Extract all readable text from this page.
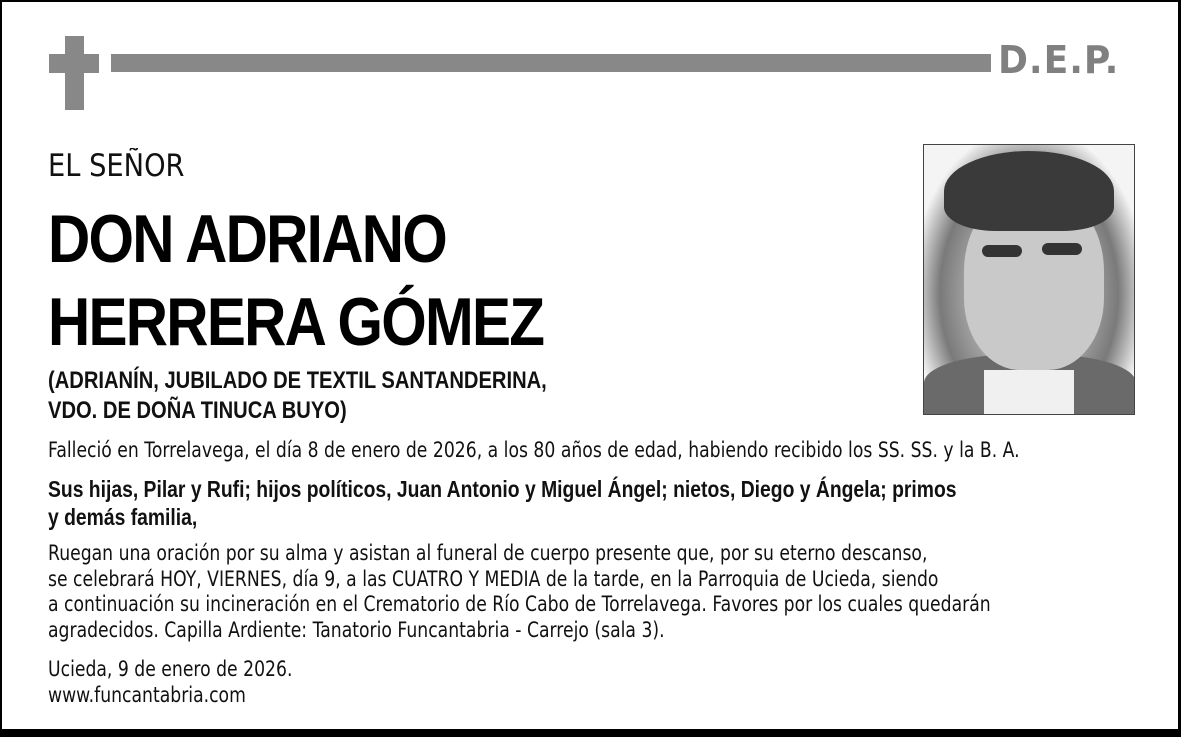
D.E.P.
EL SEÑOR
DON ADRIANO
HERRERA GÓMEZ
(ADRIANÍN, JUBILADO DE TEXTIL SANTANDERINA,
VDO. DE DOÑA TINUCA BUYO)
Falleció en Torrelavega, el día 8 de enero de 2026, a los 80 años de edad, habiendo recibido los SS. SS. y la B. A.
Sus hijas, Pilar y Rufi; hijos políticos, Juan Antonio y Miguel Ángel; nietos, Diego y Ángela; primos
y demás familia,
Ruegan una oración por su alma y asistan al funeral de cuerpo presente que, por su eterno descanso,
se celebrará HOY, VIERNES, día 9, a las CUATRO Y MEDIA de la tarde, en la Parroquia de Ucieda, siendo
a continuación su incineración en el Crematorio de Río Cabo de Torrelavega. Favores por los cuales quedarán
agradecidos. Capilla Ardiente: Tanatorio Funcantabria - Carrejo (sala 3).
Ucieda, 9 de enero de 2026.
www.funcantabria.com
